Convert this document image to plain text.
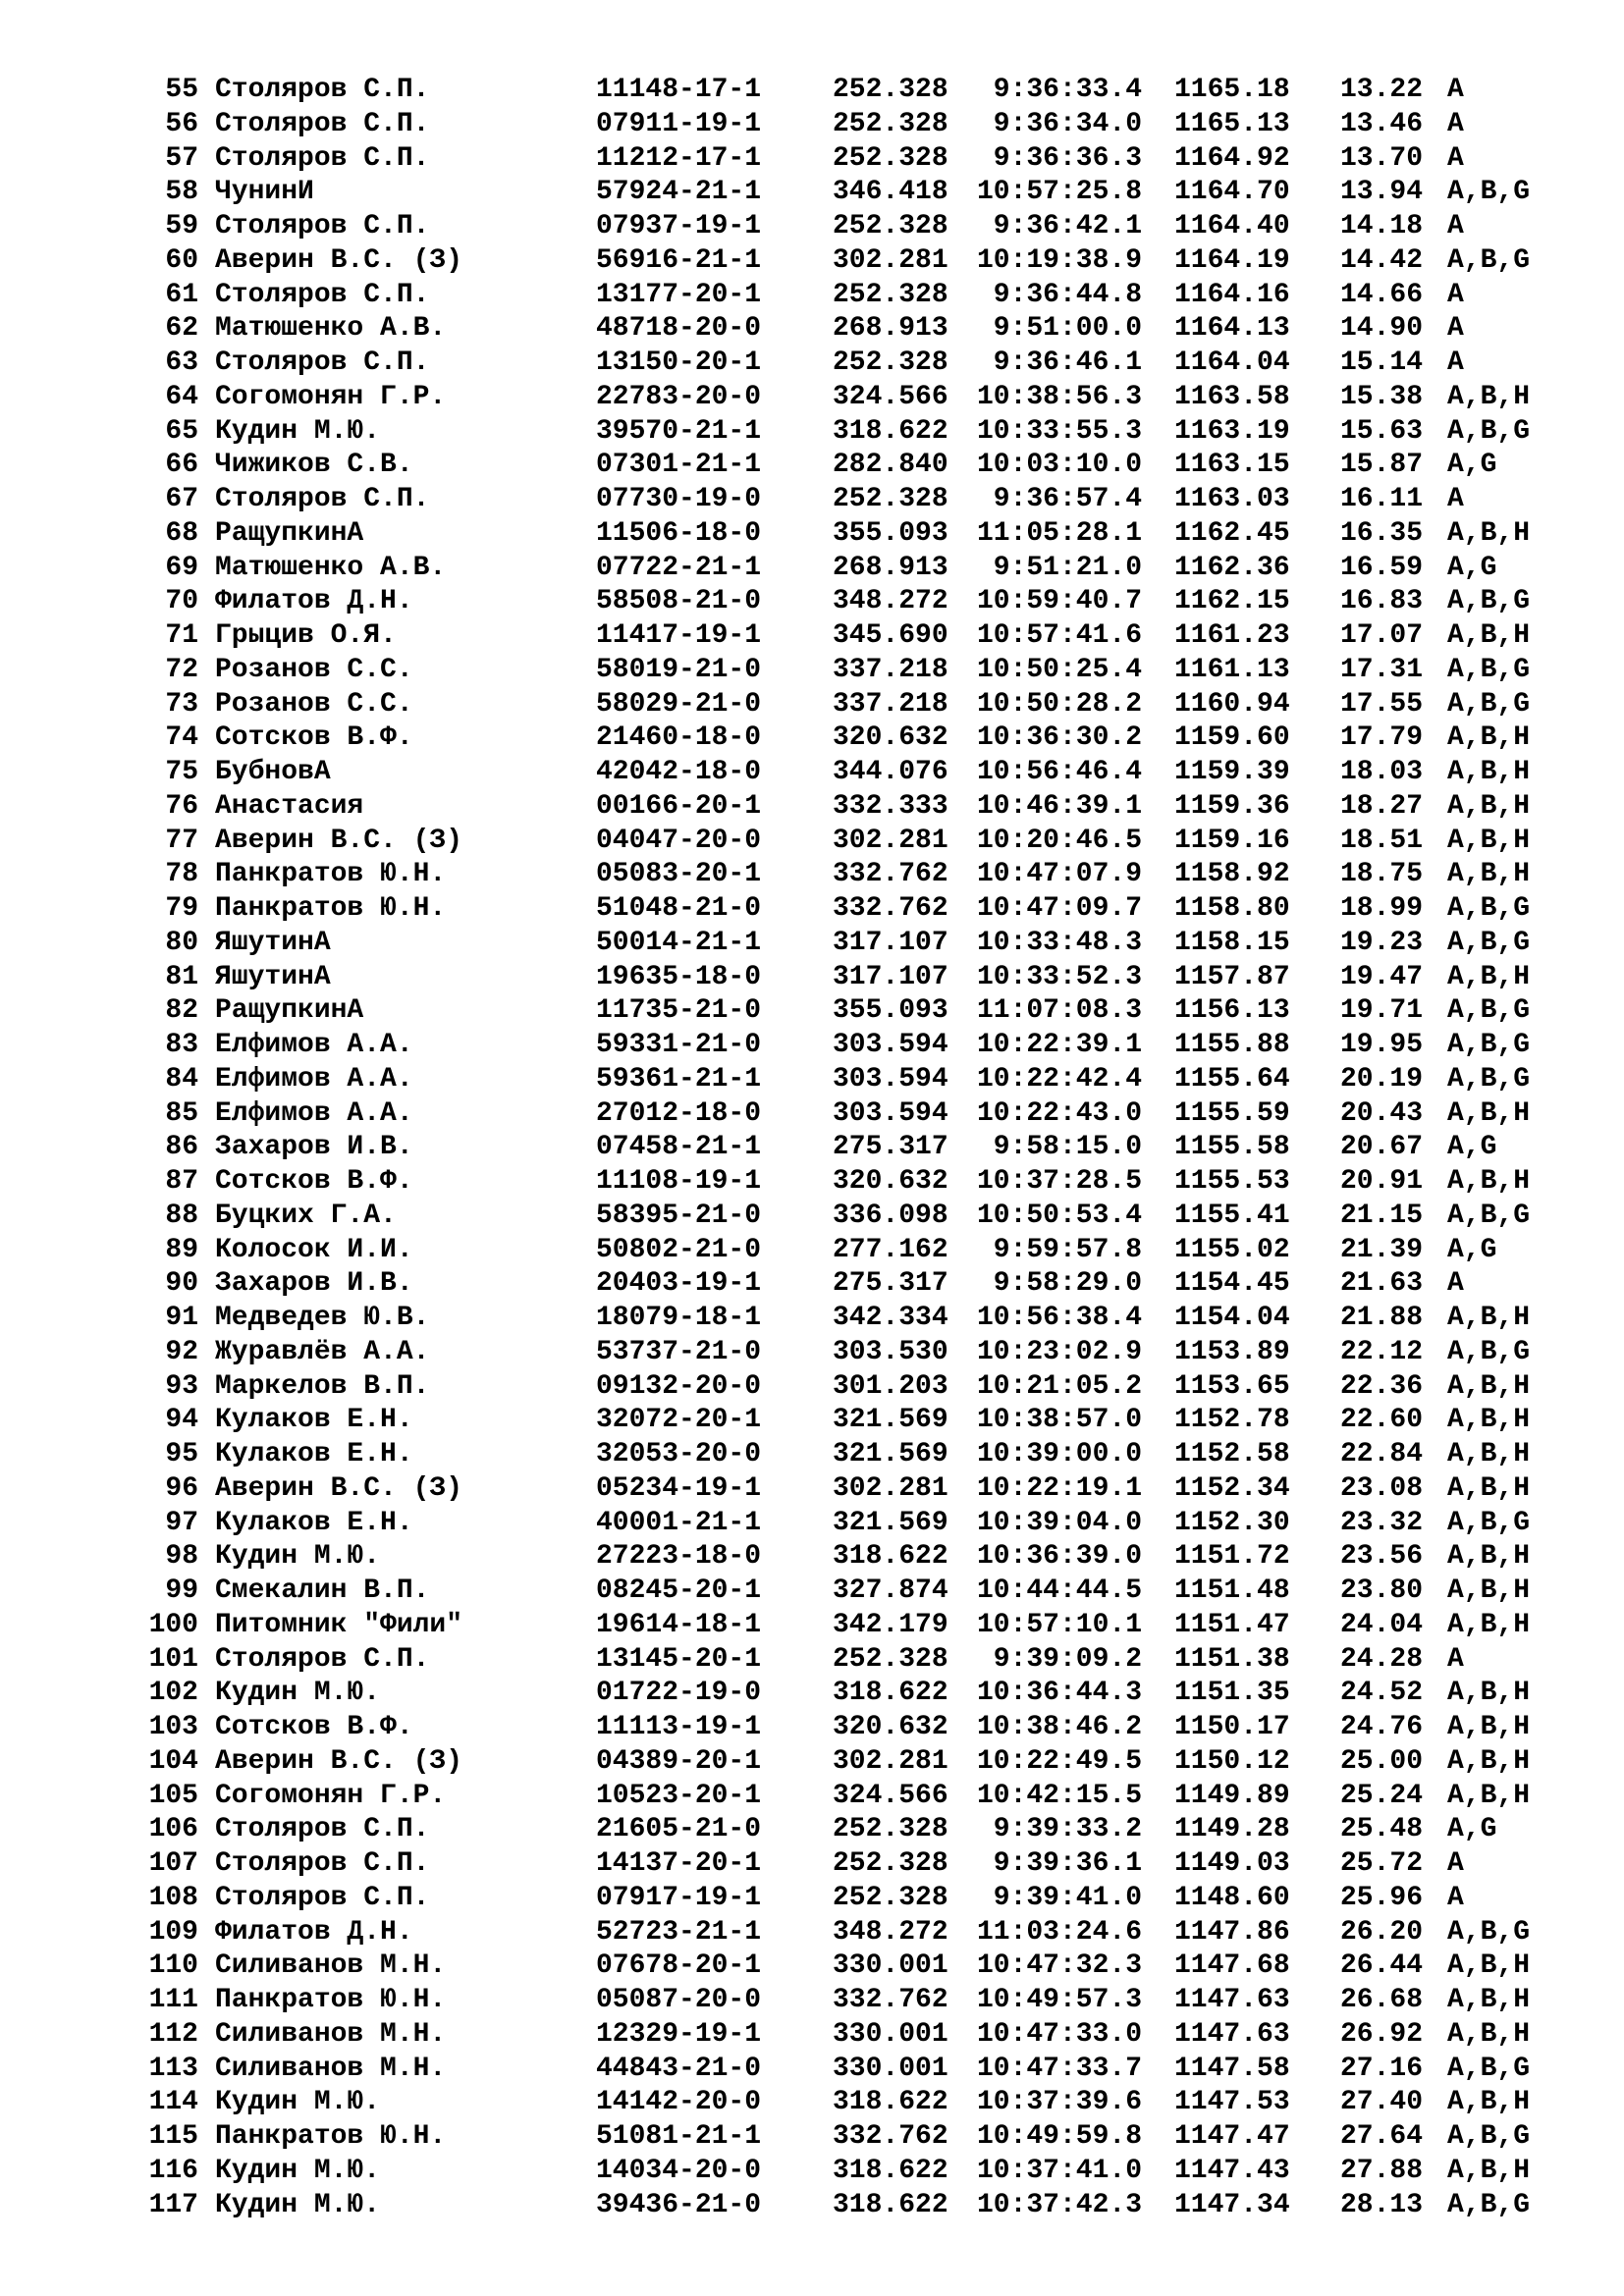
55 Столяров С.П.	11148-17-1	252.328	9:36:33.4 1165.18 13.22 A
56 Столяров С.П.	07911-19-1	252.328	9:36:34.0 1165.13 13.46 A
57 Столяров С.П.	11212-17-1	252.328	9:36:36.3 1164.92 13.70 A
58 ЧунинИ	57924-21-1	346.418	10:57:25.8 1164.70 13.94 A,B,G
59 Столяров С.П.	07937-19-1	252.328	9:36:42.1 1164.40 14.18 A
60 Аверин В.С. (З)	56916-21-1	302.281	10:19:38.9 1164.19 14.42 A,B,G
61 Столяров С.П.	13177-20-1	252.328	9:36:44.8 1164.16 14.66 A
62 Матюшенко А.В.	48718-20-0	268.913	9:51:00.0 1164.13 14.90 A
63 Столяров С.П.	13150-20-1	252.328	9:36:46.1 1164.04 15.14 A
64 Согомонян Г.Р.	22783-20-0	324.566	10:38:56.3 1163.58 15.38 A,B,H
65 Кудин М.Ю.	39570-21-1	318.622	10:33:55.3 1163.19 15.63 A,B,G
66 Чижиков С.В.	07301-21-1	282.840	10:03:10.0 1163.15 15.87 A,G
67 Столяров С.П.	07730-19-0	252.328	9:36:57.4 1163.03 16.11 A
68 РащупкинА	11506-18-0	355.093	11:05:28.1 1162.45 16.35 A,B,H
69 Матюшенко А.В.	07722-21-1	268.913	9:51:21.0 1162.36 16.59 A,G
70 Филатов Д.Н.	58508-21-0	348.272	10:59:40.7 1162.15 16.83 A,B,G
71 Грыцив О.Я.	11417-19-1	345.690	10:57:41.6 1161.23 17.07 A,B,H
72 Розанов С.С.	58019-21-0	337.218	10:50:25.4 1161.13 17.31 A,B,G
73 Розанов С.С.	58029-21-0	337.218	10:50:28.2 1160.94 17.55 A,B,G
74 Сотсков В.Ф.	21460-18-0	320.632	10:36:30.2 1159.60 17.79 A,B,H
75 БубновА	42042-18-0	344.076	10:56:46.4 1159.39 18.03 A,B,H
76 Анастасия	00166-20-1	332.333	10:46:39.1 1159.36 18.27 A,B,H
77 Аверин В.С. (З)	04047-20-0	302.281	10:20:46.5 1159.16 18.51 A,B,H
78 Панкратов Ю.Н.	05083-20-1	332.762	10:47:07.9 1158.92 18.75 A,B,H
79 Панкратов Ю.Н.	51048-21-0	332.762	10:47:09.7 1158.80 18.99 A,B,G
80 ЯшутинА	50014-21-1	317.107	10:33:48.3 1158.15 19.23 A,B,G
81 ЯшутинА	19635-18-0	317.107	10:33:52.3 1157.87 19.47 A,B,H
82 РащупкинА	11735-21-0	355.093	11:07:08.3 1156.13 19.71 A,B,G
83 Елфимов А.А.	59331-21-0	303.594	10:22:39.1 1155.88 19.95 A,B,G
84 Елфимов А.А.	59361-21-1	303.594	10:22:42.4 1155.64 20.19 A,B,G
85 Елфимов А.А.	27012-18-0	303.594	10:22:43.0 1155.59 20.43 A,B,H
86 Захаров И.В.	07458-21-1	275.317	9:58:15.0 1155.58 20.67 A,G
87 Сотсков В.Ф.	11108-19-1	320.632	10:37:28.5 1155.53 20.91 A,B,H
88 Буцких Г.А.	58395-21-0	336.098	10:50:53.4 1155.41 21.15 A,B,G
89 Колосок И.И.	50802-21-0	277.162	9:59:57.8 1155.02 21.39 A,G
90 Захаров И.В.	20403-19-1	275.317	9:58:29.0 1154.45 21.63 A
91 Медведев Ю.В.	18079-18-1	342.334	10:56:38.4 1154.04 21.88 A,B,H
92 Журавлёв А.А.	53737-21-0	303.530	10:23:02.9 1153.89 22.12 A,B,G
93 Маркелов В.П.	09132-20-0	301.203	10:21:05.2 1153.65 22.36 A,B,H
94 Кулаков Е.Н.	32072-20-1	321.569	10:38:57.0 1152.78 22.60 A,B,H
95 Кулаков Е.Н.	32053-20-0	321.569	10:39:00.0 1152.58 22.84 A,B,H
96 Аверин В.С. (З)	05234-19-1	302.281	10:22:19.1 1152.34 23.08 A,B,H
97 Кулаков Е.Н.	40001-21-1	321.569	10:39:04.0 1152.30 23.32 A,B,G
98 Кудин М.Ю.	27223-18-0	318.622	10:36:39.0 1151.72 23.56 A,B,H
99 Смекалин В.П.	08245-20-1	327.874	10:44:44.5 1151.48 23.80 A,B,H
100 Питомник "Фили"	19614-18-1	342.179	10:57:10.1 1151.47 24.04 A,B,H
101 Столяров С.П.	13145-20-1	252.328	9:39:09.2 1151.38 24.28 A
102 Кудин М.Ю.	01722-19-0	318.622	10:36:44.3 1151.35 24.52 A,B,H
103 Сотсков В.Ф.	11113-19-1	320.632	10:38:46.2 1150.17 24.76 A,B,H
104 Аверин В.С. (З)	04389-20-1	302.281	10:22:49.5 1150.12 25.00 A,B,H
105 Согомонян Г.Р.	10523-20-1	324.566	10:42:15.5 1149.89 25.24 A,B,H
106 Столяров С.П.	21605-21-0	252.328	9:39:33.2 1149.28 25.48 A,G
107 Столяров С.П.	14137-20-1	252.328	9:39:36.1 1149.03 25.72 A
108 Столяров С.П.	07917-19-1	252.328	9:39:41.0 1148.60 25.96 A
109 Филатов Д.Н.	52723-21-1	348.272	11:03:24.6 1147.86 26.20 A,B,G
110 Силиванов М.Н.	07678-20-1	330.001	10:47:32.3 1147.68 26.44 A,B,H
111 Панкратов Ю.Н.	05087-20-0	332.762	10:49:57.3 1147.63 26.68 A,B,H
112 Силиванов М.Н.	12329-19-1	330.001	10:47:33.0 1147.63 26.92 A,B,H
113 Силиванов М.Н.	44843-21-0	330.001	10:47:33.7 1147.58 27.16 A,B,G
114 Кудин М.Ю.	14142-20-0	318.622	10:37:39.6 1147.53 27.40 A,B,H
115 Панкратов Ю.Н.	51081-21-1	332.762	10:49:59.8 1147.47 27.64 A,B,G
116 Кудин М.Ю.	14034-20-0	318.622	10:37:41.0 1147.43 27.88 A,B,H
117 Кудин М.Ю.	39436-21-0	318.622	10:37:42.3 1147.34 28.13 A,B,G
